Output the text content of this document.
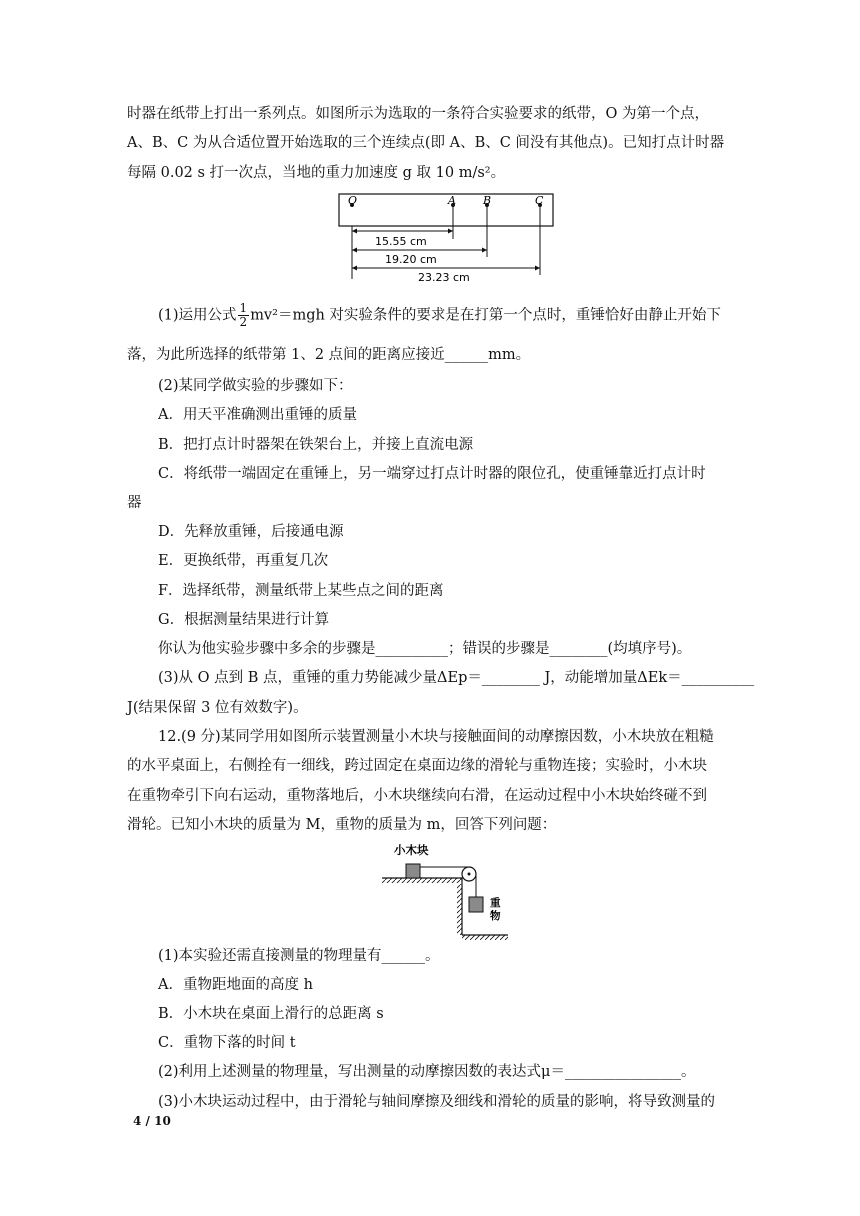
时器在纸带上打出一系列点。如图所示为选取的一条符合实验要求的纸带，O 为第一个点，
A、B、C 为从合适位置开始选取的三个连续点(即 A、B、C 间没有其他点)。已知打点计时器
每隔 0.02 s 打一次点，当地的重力加速度 g 取 10 m/s²。
O	A B	C
15.55 cm
19.20 cm
23.23 cm
(1)运用公式 $\frac{1}{2} mv^2=mgh$ 对实验条件的要求是在打第一个点时，重锤恰好由静止开始下
落，为此所选择的纸带第 1、2 点间的距离应接近______mm。
(2)某同学做实验的步骤如下：
A．用天平准确测出重锤的质量
B．把打点计时器架在铁架台上，并接上直流电源
C．将纸带一端固定在重锤上，另一端穿过打点计时器的限位孔，使重锤靠近打点计时
器
D．先释放重锤，后接通电源
E．更换纸带，再重复几次
F．选择纸带，测量纸带上某些点之间的距离
G．根据测量结果进行计算
你认为他实验步骤中多余的步骤是__________；错误的步骤是________(均填序号)。
(3)从 O 点到 B 点，重锤的重力势能减少量ΔEp＝________ J，动能增加量ΔEk＝__________
J(结果保留 3 位有效数字)。
12.(9 分)某同学用如图所示装置测量小木块与接触面间的动摩擦因数，小木块放在粗糙
的水平桌面上，右侧拴有一细线，跨过固定在桌面边缘的滑轮与重物连接；实验时，小木块
在重物牵引下向右运动，重物落地后，小木块继续向右滑，在运动过程中小木块始终碰不到
滑轮。已知小木块的质量为 M，重物的质量为 m，回答下列问题：
小木块
重
物
(1)本实验还需直接测量的物理量有______。
A．重物距地面的高度 h
B．小木块在桌面上滑行的总距离 s
C．重物下落的时间 t
(2)利用上述测量的物理量，写出测量的动摩擦因数的表达式μ＝________________。
(3)小木块运动过程中，由于滑轮与轴间摩擦及细线和滑轮的质量的影响，将导致测量的
4 / 10
